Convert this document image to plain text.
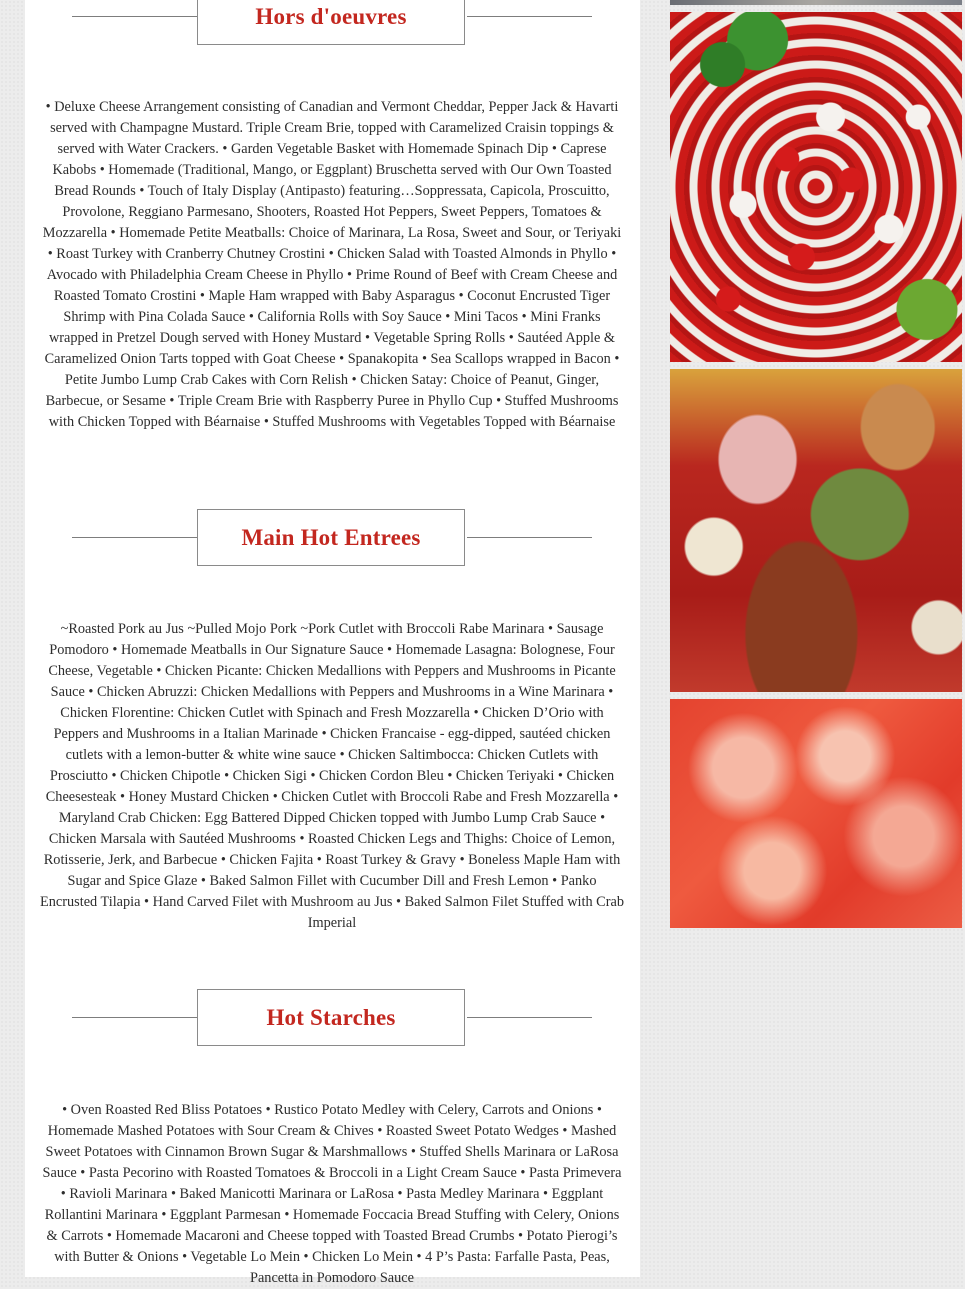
Hors d'oeuvres
• Deluxe Cheese Arrangement consisting of Canadian and Vermont Cheddar, Pepper Jack & Havarti served with Champagne Mustard. Triple Cream Brie, topped with Caramelized Craisin toppings & served with Water Crackers. • Garden Vegetable Basket with Homemade Spinach Dip • Caprese Kabobs • Homemade (Traditional, Mango, or Eggplant) Bruschetta served with Our Own Toasted Bread Rounds • Touch of Italy Display (Antipasto) featuring…Soppressata, Capicola, Proscuitto, Provolone, Reggiano Parmesano, Shooters, Roasted Hot Peppers, Sweet Peppers, Tomatoes & Mozzarella • Homemade Petite Meatballs: Choice of Marinara, La Rosa, Sweet and Sour, or Teriyaki • Roast Turkey with Cranberry Chutney Crostini • Chicken Salad with Toasted Almonds in Phyllo • Avocado with Philadelphia Cream Cheese in Phyllo • Prime Round of Beef with Cream Cheese and Roasted Tomato Crostini • Maple Ham wrapped with Baby Asparagus • Coconut Encrusted Tiger Shrimp with Pina Colada Sauce • California Rolls with Soy Sauce • Mini Tacos • Mini Franks wrapped in Pretzel Dough served with Honey Mustard • Vegetable Spring Rolls • Sautéed Apple & Caramelized Onion Tarts topped with Goat Cheese • Spanakopita • Sea Scallops wrapped in Bacon • Petite Jumbo Lump Crab Cakes with Corn Relish • Chicken Satay: Choice of Peanut, Ginger, Barbecue, or Sesame • Triple Cream Brie with Raspberry Puree in Phyllo Cup • Stuffed Mushrooms with Chicken Topped with Béarnaise • Stuffed Mushrooms with Vegetables Topped with Béarnaise
Main Hot Entrees
~Roasted Pork au Jus ~Pulled Mojo Pork ~Pork Cutlet with Broccoli Rabe Marinara • Sausage Pomodoro • Homemade Meatballs in Our Signature Sauce • Homemade Lasagna: Bolognese, Four Cheese, Vegetable • Chicken Picante: Chicken Medallions with Peppers and Mushrooms in Picante Sauce • Chicken Abruzzi: Chicken Medallions with Peppers and Mushrooms in a Wine Marinara • Chicken Florentine: Chicken Cutlet with Spinach and Fresh Mozzarella • Chicken D’Orio with Peppers and Mushrooms in a Italian Marinade • Chicken Francaise - egg-dipped, sautéed chicken cutlets with a lemon-butter & white wine sauce • Chicken Saltimbocca: Chicken Cutlets with Prosciutto • Chicken Chipotle • Chicken Sigi • Chicken Cordon Bleu • Chicken Teriyaki • Chicken Cheesesteak • Honey Mustard Chicken • Chicken Cutlet with Broccoli Rabe and Fresh Mozzarella • Maryland Crab Chicken: Egg Battered Dipped Chicken topped with Jumbo Lump Crab Sauce • Chicken Marsala with Sautéed Mushrooms • Roasted Chicken Legs and Thighs: Choice of Lemon, Rotisserie, Jerk, and Barbecue • Chicken Fajita • Roast Turkey & Gravy • Boneless Maple Ham with Sugar and Spice Glaze • Baked Salmon Fillet with Cucumber Dill and Fresh Lemon • Panko Encrusted Tilapia • Hand Carved Filet with Mushroom au Jus • Baked Salmon Filet Stuffed with Crab Imperial
Hot Starches
• Oven Roasted Red Bliss Potatoes • Rustico Potato Medley with Celery, Carrots and Onions • Homemade Mashed Potatoes with Sour Cream & Chives • Roasted Sweet Potato Wedges • Mashed Sweet Potatoes with Cinnamon Brown Sugar & Marshmallows • Stuffed Shells Marinara or LaRosa Sauce • Pasta Pecorino with Roasted Tomatoes & Broccoli in a Light Cream Sauce • Pasta Primevera • Ravioli Marinara • Baked Manicotti Marinara or LaRosa • Pasta Medley Marinara • Eggplant Rollantini Marinara • Eggplant Parmesan • Homemade Foccacia Bread Stuffing with Celery, Onions & Carrots • Homemade Macaroni and Cheese topped with Toasted Bread Crumbs • Potato Pierogi’s with Butter & Onions • Vegetable Lo Mein • Chicken Lo Mein • 4 P’s Pasta: Farfalle Pasta, Peas, Pancetta in Pomodoro Sauce
